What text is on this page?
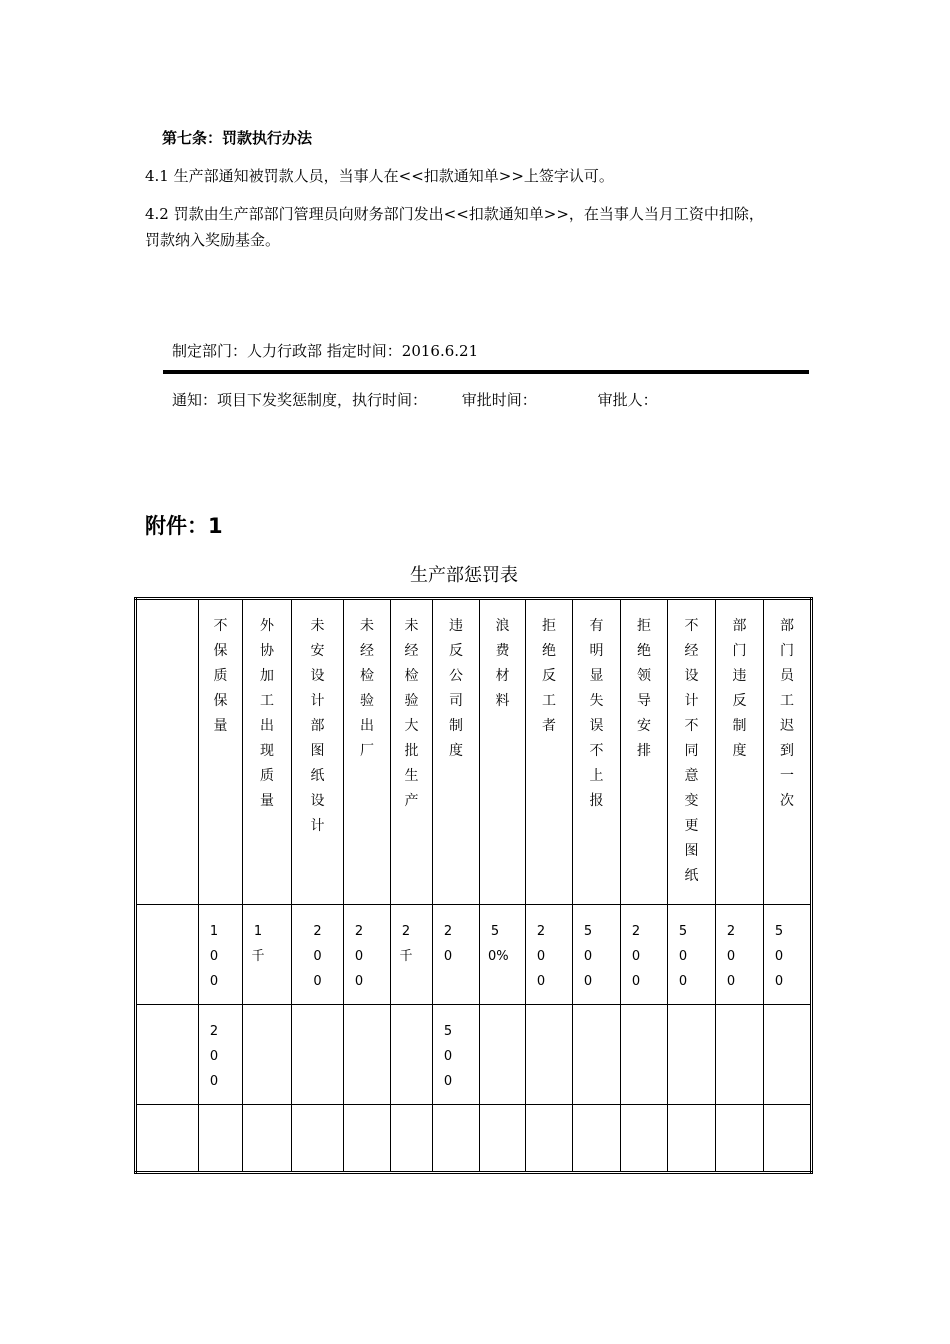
第七条：罚款执行办法
4.1 生产部通知被罚款人员，当事人在<<扣款通知单>>上签字认可。
4.2 罚款由生产部部门管理员向财务部门发出<<扣款通知单>>，在当事人当月工资中扣除，
罚款纳入奖励基金。
制定部门：人力行政部 指定时间：2016.6.21
通知：项目下发奖惩制度，执行时间： 审批时间：	审批人：
附件：1
生产部惩罚表

	不保质保量	外协加工出现质量	未安设计部图纸设计	未经检验出厂	未经检验大批生产	违反公司制度	浪费材料	拒绝反工者	有明显失误不上报	拒绝领导安排	不经设计不同意变更图纸	部门违反制度	部门员工迟到一次

	100	1千	200	200	2千	20	50%	200	500	200	500	200	500

	200					500							
